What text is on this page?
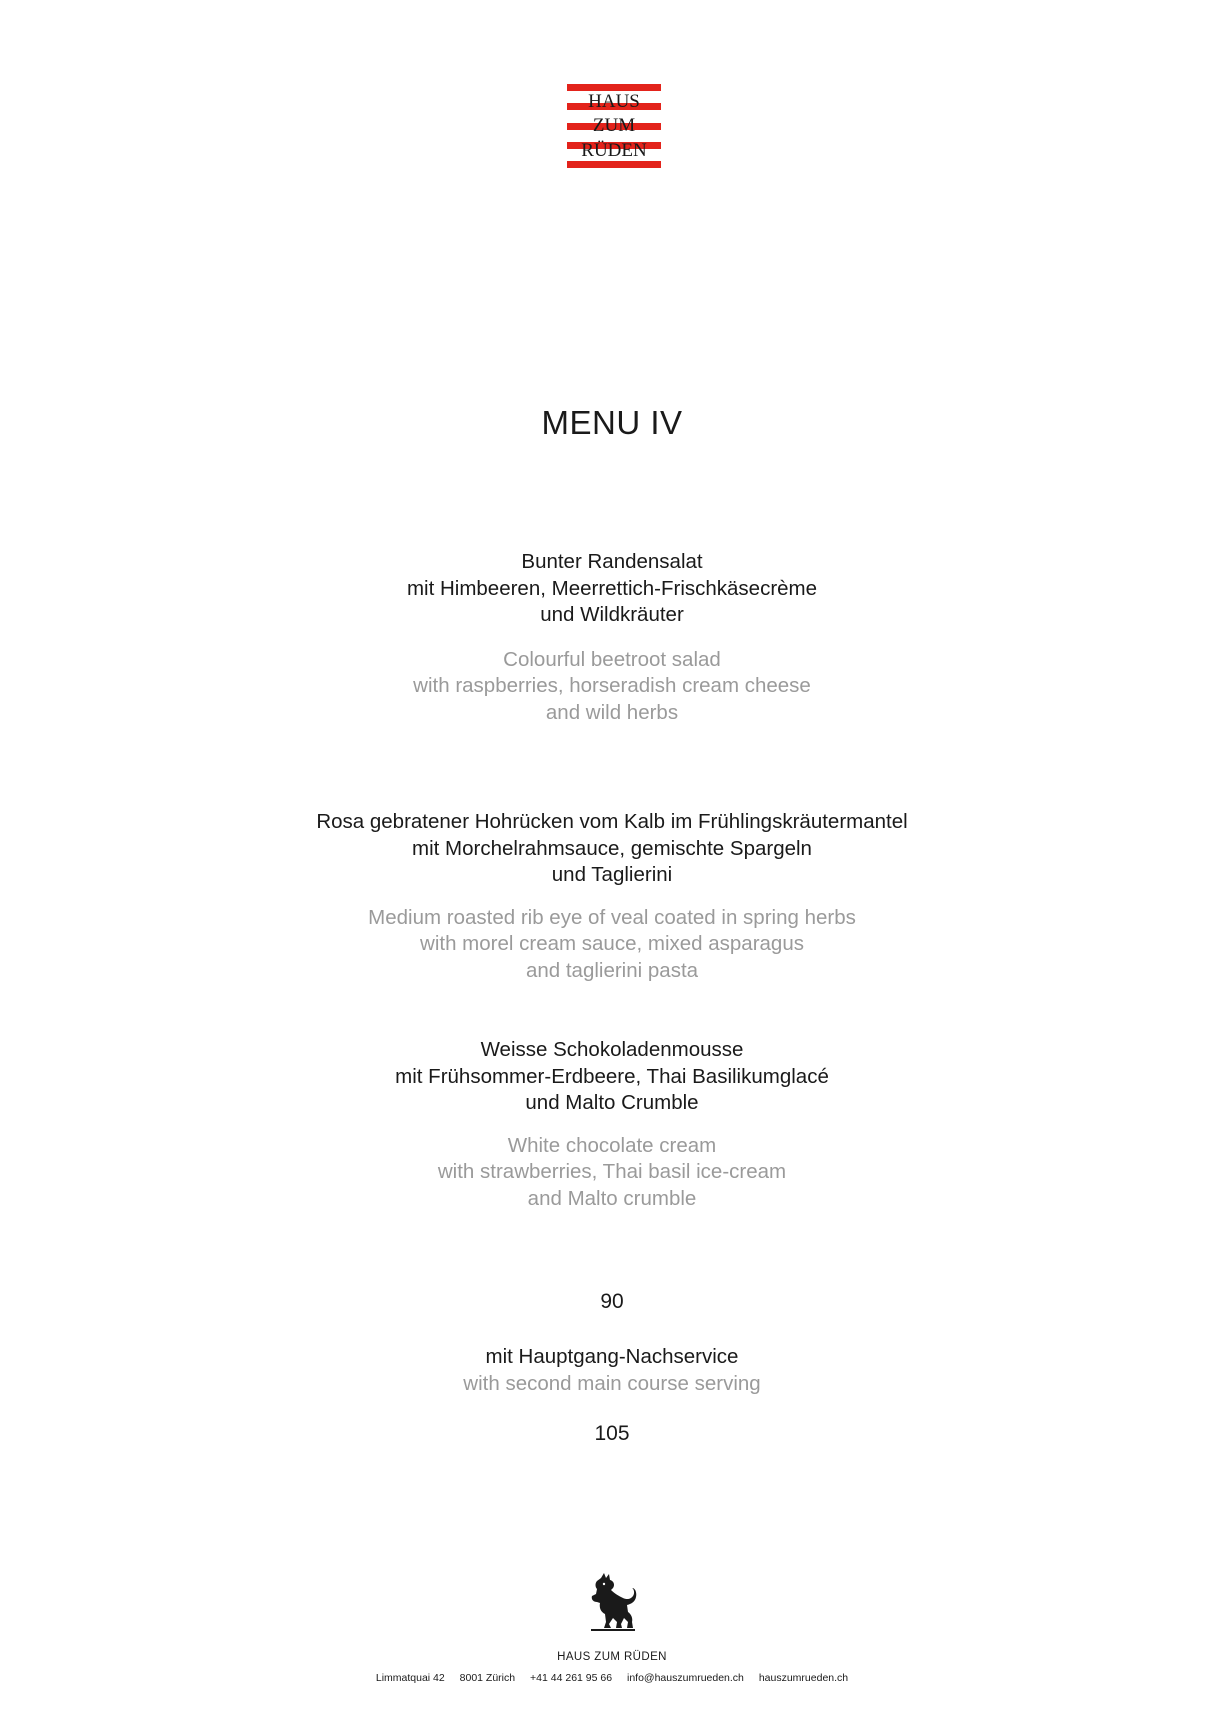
HAUS
ZUM
RÜDEN
MENU IV
Bunter Randensalat
mit Himbeeren, Meerrettich-Frischkäsecrème
und Wildkräuter
Colourful beetroot salad
with raspberries, horseradish cream cheese
and wild herbs
Rosa gebratener Hohrücken vom Kalb im Frühlingskräutermantel
mit Morchelrahmsauce, gemischte Spargeln
und Taglierini
Medium roasted rib eye of veal coated in spring herbs
with morel cream sauce, mixed asparagus
and taglierini pasta
Weisse Schokoladenmousse
mit Frühsommer-Erdbeere, Thai Basilikumglacé
und Malto Crumble
White chocolate cream
with strawberries, Thai basil ice-cream
and Malto crumble
90
mit Hauptgang-Nachservice
with second main course serving
105
HAUS ZUM RÜDEN
Limmatquai 42 8001 Zürich +41 44 261 95 66 info@hauszumrueden.ch hauszumrueden.ch
